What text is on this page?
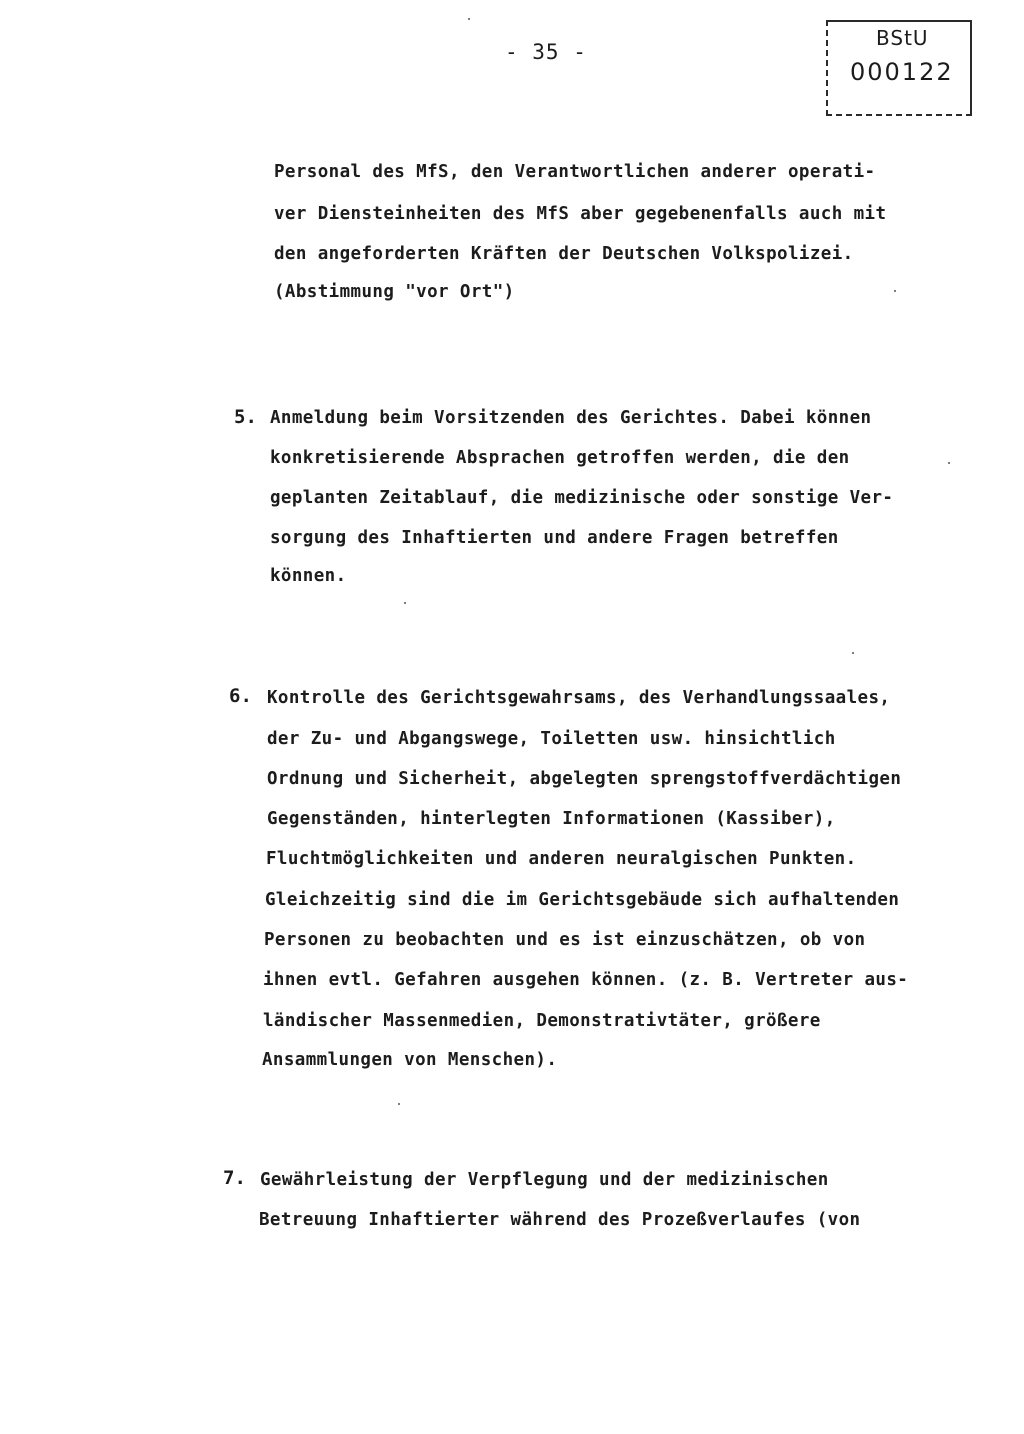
- 35 -
BStU
000122
Personal des MfS, den Verantwortlichen anderer operati-
ver Diensteinheiten des MfS aber gegebenenfalls auch mit
den angeforderten Kräften der Deutschen Volkspolizei.
(Abstimmung "vor Ort")
5. Anmeldung beim Vorsitzenden des Gerichtes. Dabei können
konkretisierende Absprachen getroffen werden, die den
geplanten Zeitablauf, die medizinische oder sonstige Ver-
sorgung des Inhaftierten und andere Fragen betreffen
können.
6. Kontrolle des Gerichtsgewahrsams, des Verhandlungssaales,
der Zu- und Abgangswege, Toiletten usw. hinsichtlich
Ordnung und Sicherheit, abgelegten sprengstoffverdächtigen
Gegenständen, hinterlegten Informationen (Kassiber),
Fluchtmöglichkeiten und anderen neuralgischen Punkten.
Gleichzeitig sind die im Gerichtsgebäude sich aufhaltenden
Personen zu beobachten und es ist einzuschätzen, ob von
ihnen evtl. Gefahren ausgehen können. (z. B. Vertreter aus-
ländischer Massenmedien, Demonstrativtäter, größere
Ansammlungen von Menschen).
7. Gewährleistung der Verpflegung und der medizinischen
Betreuung Inhaftierter während des Prozeßverlaufes (von
